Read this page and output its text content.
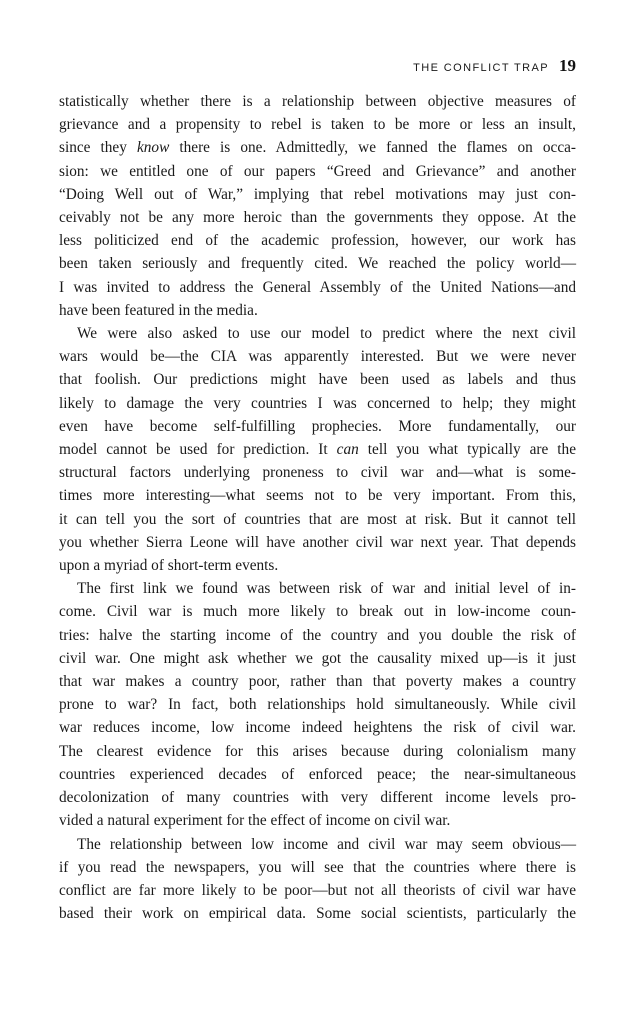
THE CONFLICT TRAP 19
statistically whether there is a relationship between objective measures of
grievance and a propensity to rebel is taken to be more or less an insult,
since they know there is one. Admittedly, we fanned the flames on occa-
sion: we entitled one of our papers “Greed and Grievance” and another
“Doing Well out of War,” implying that rebel motivations may just con-
ceivably not be any more heroic than the governments they oppose. At the
less politicized end of the academic profession, however, our work has
been taken seriously and frequently cited. We reached the policy world—
I was invited to address the General Assembly of the United Nations—and
have been featured in the media.
We were also asked to use our model to predict where the next civil
wars would be—the CIA was apparently interested. But we were never
that foolish. Our predictions might have been used as labels and thus
likely to damage the very countries I was concerned to help; they might
even have become self-fulfilling prophecies. More fundamentally, our
model cannot be used for prediction. It can tell you what typically are the
structural factors underlying proneness to civil war and—what is some-
times more interesting—what seems not to be very important. From this,
it can tell you the sort of countries that are most at risk. But it cannot tell
you whether Sierra Leone will have another civil war next year. That depends
upon a myriad of short-term events.
The first link we found was between risk of war and initial level of in-
come. Civil war is much more likely to break out in low-income coun-
tries: halve the starting income of the country and you double the risk of
civil war. One might ask whether we got the causality mixed up—is it just
that war makes a country poor, rather than that poverty makes a country
prone to war? In fact, both relationships hold simultaneously. While civil
war reduces income, low income indeed heightens the risk of civil war.
The clearest evidence for this arises because during colonialism many
countries experienced decades of enforced peace; the near-simultaneous
decolonization of many countries with very different income levels pro-
vided a natural experiment for the effect of income on civil war.
The relationship between low income and civil war may seem obvious—
if you read the newspapers, you will see that the countries where there is
conflict are far more likely to be poor—but not all theorists of civil war have
based their work on empirical data. Some social scientists, particularly the
